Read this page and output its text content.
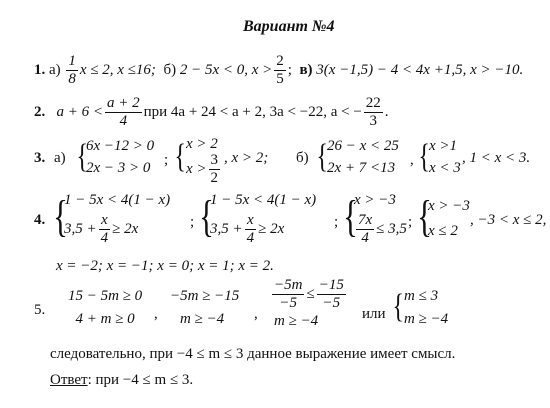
Вариант №4
1.
а)
$\frac{1}{8}$ x ≤ 2, x ≤16;
б)
2 − 5x < 0, $x > \frac{2}{5}$ ;
в)
3(x −1,5) − 4 < 4x +1,5, x > −10.
2.
$a + 6 < \frac{a + 2}{4}$ при 4a + 24 < a + 2, 3a < −22, a < − $\frac{22}{3}$ .
3. а) {
6x −12 > 0
2x − 3 > 0 ; { x > 2
$x > \frac{3}{2}$ , x > 2; б) { 26 − x < 25
2x + 7 <13 , { x >1
x < 3
, 1 < x < 3.
4. {
1 − 5x < 4(1 − x)
$3,5 + \frac{x}{4} \ge 2x$	; {
1 − 5x < 4(1 − x)
$3,5 + \frac{x}{4} \ge 2x$	; {
x > −3
$\frac{7x}{4} \le 3,5$ ; {
x > −3
x ≤ 2
, −3 < x ≤ 2,
x = −2; x = −1; x = 0; x = 1; x = 2.
5.
15 − 5m ≥ 0
4 + m ≥ 0	,
−5m ≥ −15
m ≥ −4	,
$\frac{-5m}{-5} \le \frac{-15}{-5}$
m ≥ −4	или { m ≤ 3
m ≥ −4
следовательно, при −4 ≤ m ≤ 3 данное выражение имеет смысл.
Ответ: при −4 ≤ m ≤ 3.
